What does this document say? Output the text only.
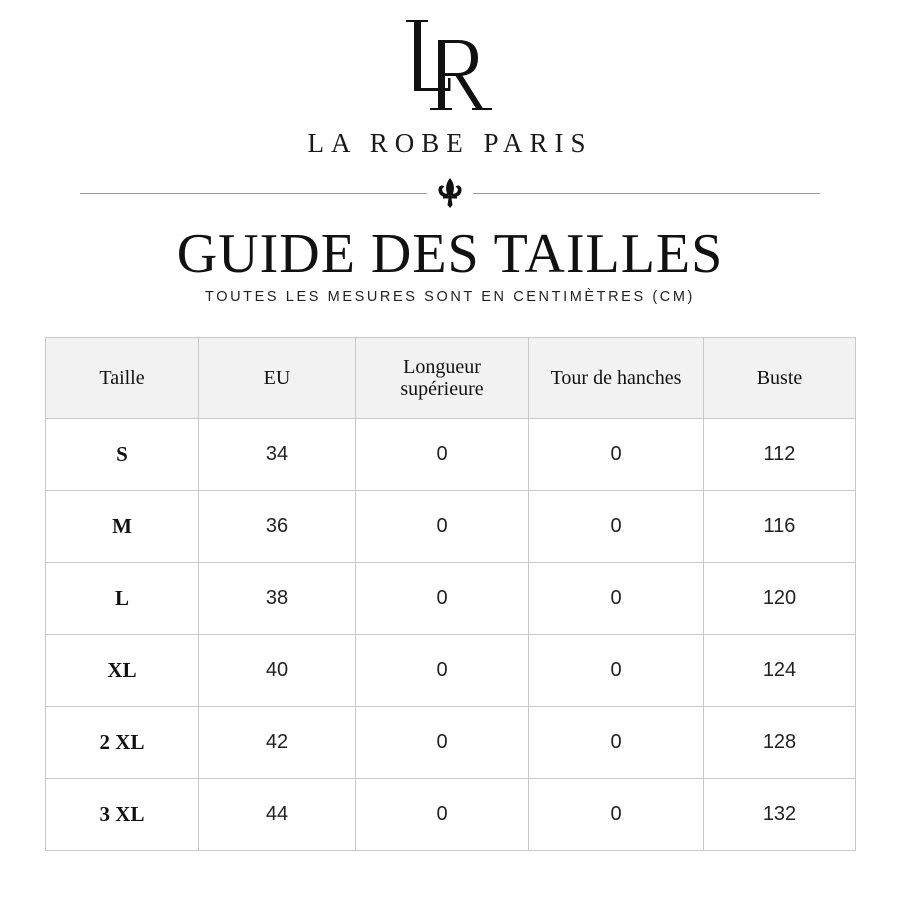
LA ROBE PARIS
GUIDE DES TAILLES
TOUTES LES MESURES SONT EN CENTIMÈTRES (CM)
Taille	EU	Longueur supérieure	Tour de hanches	Buste
S	34	0	0	112
M	36	0	0	116
L	38	0	0	120
XL	40	0	0	124
2 XL	42	0	0	128
3 XL	44	0	0	132
